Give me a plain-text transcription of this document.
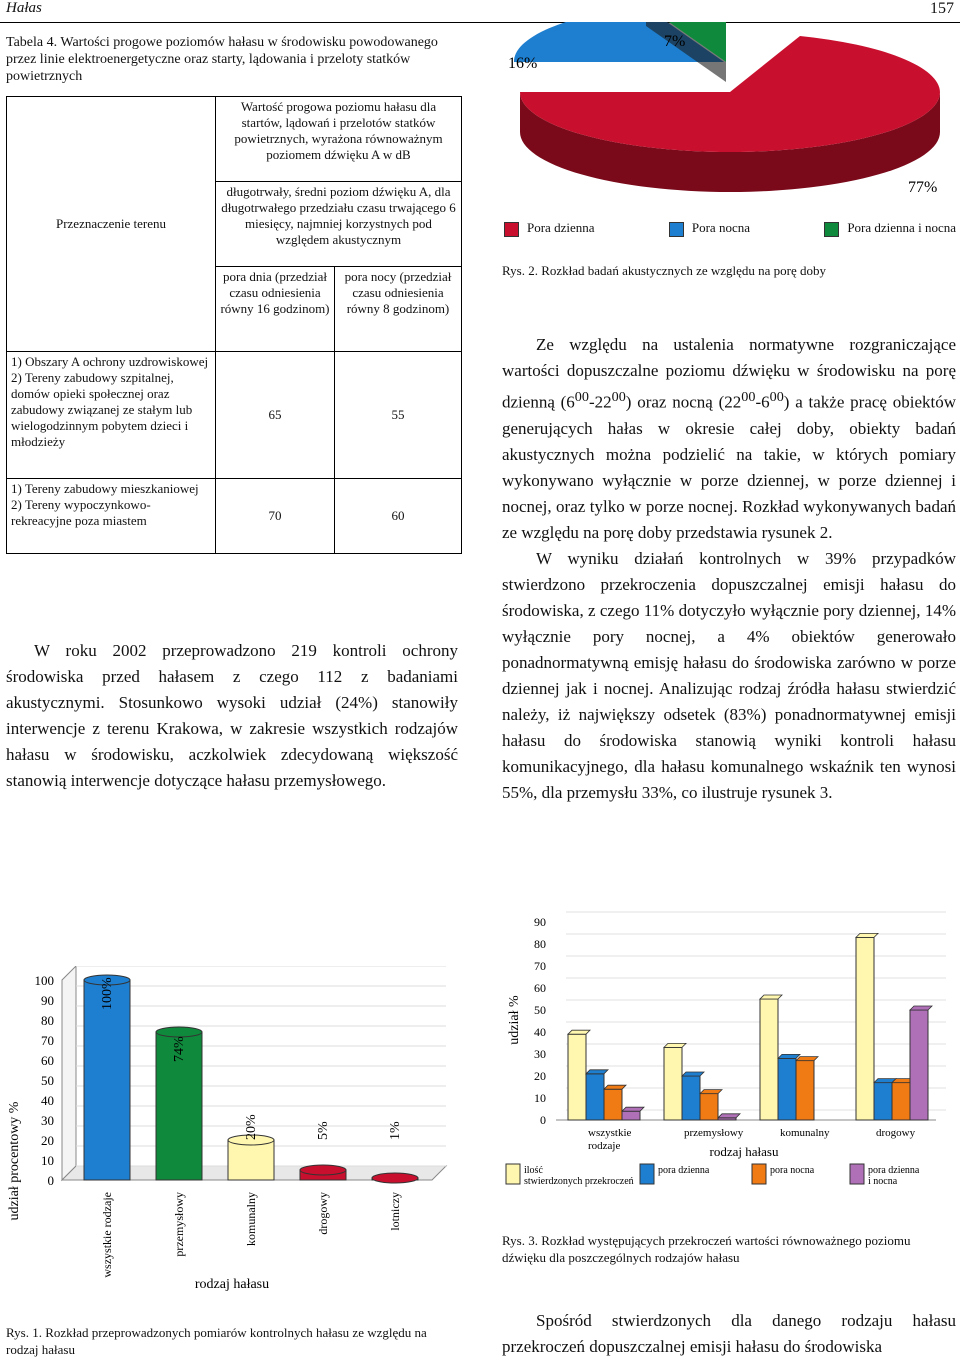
Hałas	157
Tabela 4. Wartości progowe poziomów hałasu w środowisku powodowanego przez linie elektroenergetyczne oraz starty, lądowania i przeloty statków powietrznych
Przeznaczenie terenu	Wartość progowa poziomu hałasu dla startów, lądowań i przelotów statków powietrznych, wyrażona równoważnym poziomem dźwięku A w dB	
	długotrwały, średni poziom dźwięku A, dla długotrwałego przedziału czasu trwającego 6 miesięcy, najmniej korzystnych pod względem akustycznym	
	pora dnia (przedział czasu odniesienia równy 16 godzinom)	pora nocy (przedział czasu odniesienia równy 8 godzinom)

1) Obszary A ochrony uzdrowiskowej
2) Tereny zabudowy szpitalnej, domów opieki społecznej oraz zabudowy związanej ze stałym lub wielogodzinnym pobytem dzieci i młodzieży	65	55

1) Tereny zabudowy mieszkaniowej
2) Tereny wypoczynkowo-rekreacyjne poza miastem	70	60
W roku 2002 przeprowadzono 219 kontroli ochrony środowiska przed hałasem z czego 112 z badaniami akustycznymi. Stosunkowo wysoki udział (24%) stanowiły interwencje z terenu Krakowa, w zakresie wszystkich rodzajów hałasu w środowisku, aczkolwiek zdecydowaną większość stanowią interwencje dotyczące hałasu przemysłowego.
16%
7%
77%
Pora dzienna	Pora nocna	Pora dzienna i nocna
Rys. 2. Rozkład badań akustycznych ze względu na porę doby

Ze względu na ustalenia normatywne rozgraniczające wartości dopuszczalne poziomu dźwięku w środowisku na porę dzienną $(6^{00}-22^{00})$ oraz nocną $(22^{00}-6^{00})$ a także pracę obiektów generujących hałas w okresie całej doby, obiekty badań akustycznych można podzielić na takie, w których pomiary wykonywano wyłącznie w porze dziennej, w porze dziennej i nocnej, oraz tylko w porze nocnej. Rozkład wykonywanych badań ze względu na porę doby przedstawia rysunek 2.

W wyniku działań kontrolnych w 39% przypadków stwierdzono przekroczenia dopuszczalnej emisji hałasu do środowiska, z czego 11% dotyczyło wyłącznie pory dziennej, 14% wyłącznie pory nocnej, a 4% obiektów generowało ponadnormatywną emisję hałasu do środowiska zarówno w porze dziennej jak i nocnej. Analizując rodzaj źródła hałasu stwierdzić należy, iż największy odsetek (83%) ponadnormatywnej emisji hałasu do środowiska stanowią wyniki kontroli hałasu komunikacyjnego, dla hałasu komunalnego wskaźnik ten wynosi 55%, dla przemysłu 33%, co ilustruje rysunek 3.

udział procentowy %
rodzaj hałasu
0
10
20
30
40
50
60
70
80
90
100	100%
wszystkie rodzaje
74%
przemysłowy
20%
komunalny
5%
drogowy
1%
lotniczy
Rys. 1. Rozkład przeprowadzonych pomiarów kontrolnych hałasu ze względu na rodzaj hałasu
udział %
rodzaj hałasu
0
10
20
30
40
50
60
70
80
90
wszystkie
rodzaje
przemysłowy	komunalny	drogowy
ilość
stwierdzonych przekroczeń
pora dzienna	pora nocna	pora dzienna
i nocna
Rys. 3. Rozkład występujących przekroczeń wartości równoważnego poziomu dźwięku dla poszczególnych rodzajów hałasu
Spośród stwierdzonych dla danego rodzaju hałasu przekroczeń dopuszczalnej emisji hałasu do środowiska
